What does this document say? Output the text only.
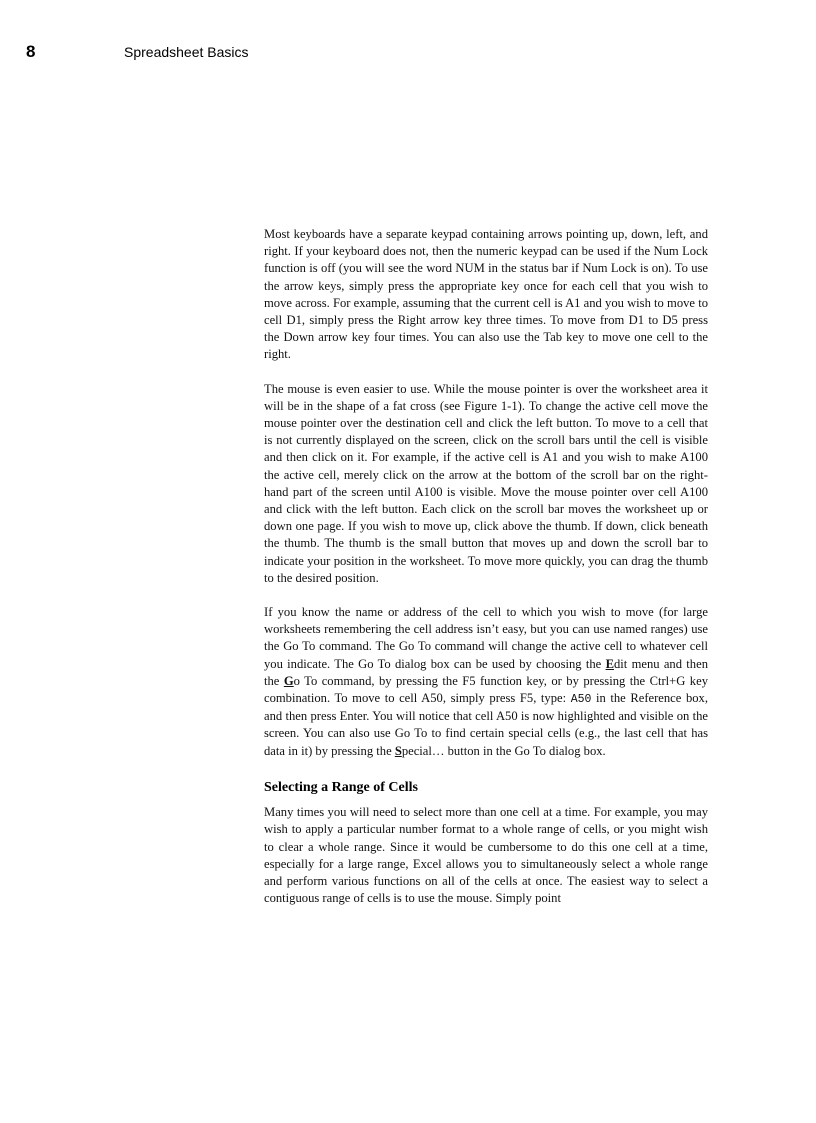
8	Spreadsheet Basics

Most keyboards have a separate keypad containing arrows pointing up, down, left, and right. If your keyboard does not, then the numeric keypad can be used if the Num Lock function is off (you will see the word NUM in the status bar if Num Lock is on). To use the arrow keys, simply press the appropriate key once for each cell that you wish to move across. For example, assuming that the current cell is A1 and you wish to move to cell D1, simply press the Right arrow key three times. To move from D1 to D5 press the Down arrow key four times. You can also use the Tab key to move one cell to the right.

The mouse is even easier to use. While the mouse pointer is over the worksheet area it will be in the shape of a fat cross (see Figure 1-1). To change the active cell move the mouse pointer over the destination cell and click the left button. To move to a cell that is not currently displayed on the screen, click on the scroll bars until the cell is visible and then click on it. For example, if the active cell is A1 and you wish to make A100 the active cell, merely click on the arrow at the bottom of the scroll bar on the right-hand part of the screen until A100 is visible. Move the mouse pointer over cell A100 and click with the left button. Each click on the scroll bar moves the worksheet up or down one page. If you wish to move up, click above the thumb. If down, click beneath the thumb. The thumb is the small button that moves up and down the scroll bar to indicate your position in the worksheet. To move more quickly, you can drag the thumb to the desired position.

If you know the name or address of the cell to which you wish to move (for large worksheets remembering the cell address isn’t easy, but you can use named ranges) use the Go To command. The Go To command will change the active cell to whatever cell you indicate. The Go To dialog box can be used by choosing the Edit menu and then the Go To command, by pressing the F5 function key, or by pressing the Ctrl+G key combination. To move to cell A50, simply press F5, type: A50 in the Reference box, and then press Enter. You will notice that cell A50 is now highlighted and visible on the screen. You can also use Go To to find certain special cells (e.g., the last cell that has data in it) by pressing the Special… button in the Go To dialog box.

Selecting a Range of Cells

Many times you will need to select more than one cell at a time. For example, you may wish to apply a particular number format to a whole range of cells, or you might wish to clear a whole range. Since it would be cumbersome to do this one cell at a time, especially for a large range, Excel allows you to simultaneously select a whole range and perform various functions on all of the cells at once. The easiest way to select a contiguous range of cells is to use the mouse. Simply point
